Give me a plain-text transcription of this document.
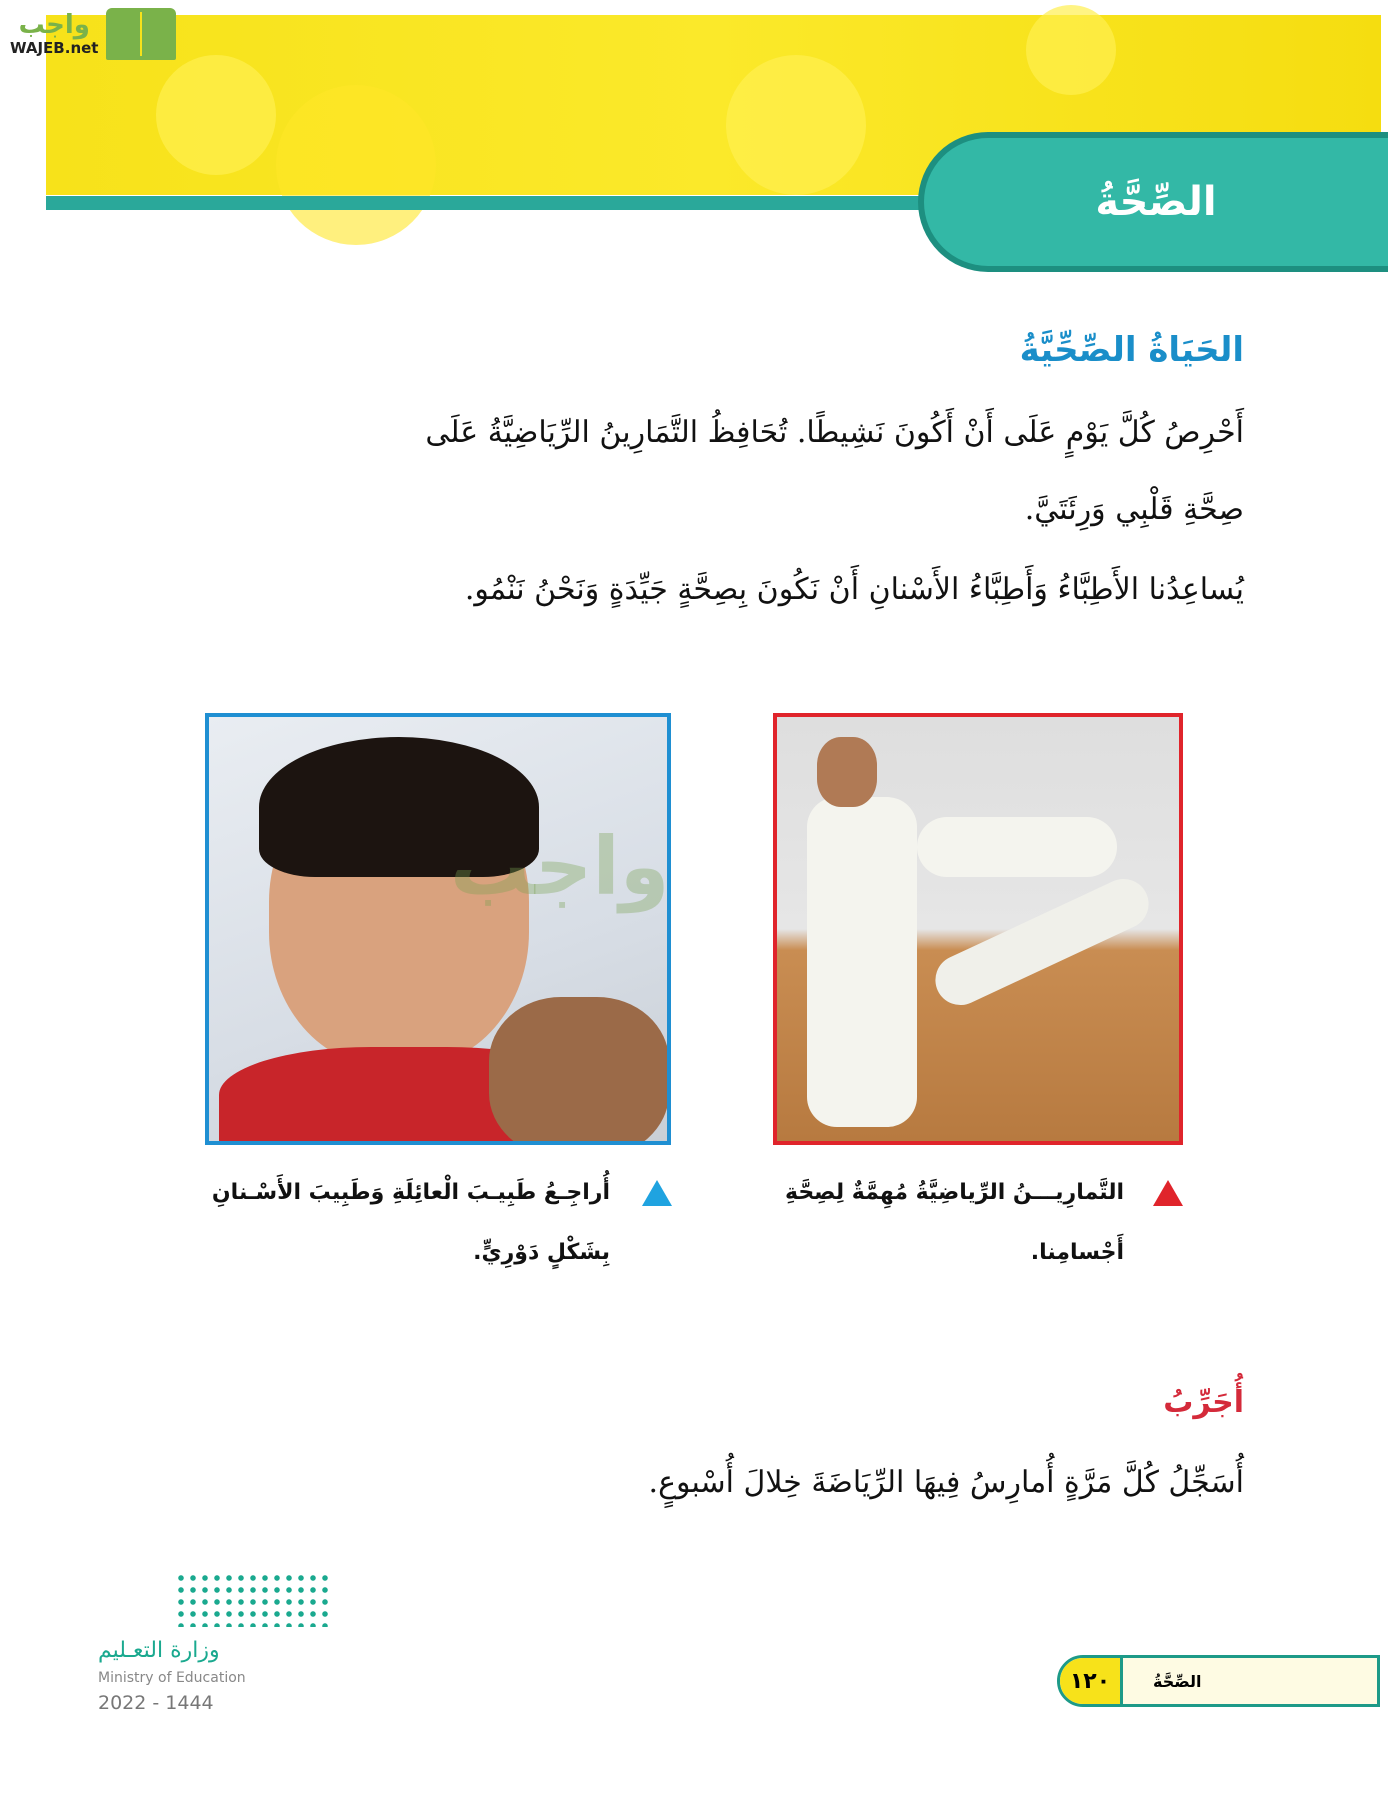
الصِّحَّةُ
واجب
WAJEB.net
الحَيَاةُ الصِّحِّيَّةُ
أَحْرِصُ كُلَّ يَوْمٍ عَلَى أَنْ أَكُونَ نَشِيطًا. تُحَافِظُ التَّمَارِينُ الرِّيَاضِيَّةُ عَلَى
صِحَّةِ قَلْبِي وَرِئَتَيَّ.
يُساعِدُنا الأَطِبَّاءُ وَأَطِبَّاءُ الأَسْنانِ أَنْ نَكُونَ بِصِحَّةٍ جَيِّدَةٍ وَنَحْنُ نَنْمُو.
واجب
التَّمارِيـــنُ الرِّياضِيَّةُ مُهِمَّةٌ لِصِحَّةِ
أَجْسامِنا.
أُراجِـعُ طَبِيـبَ الْعائِلَةِ وَطَبِيبَ الأَسْـنانِ
بِشَكْلٍ دَوْرِيٍّ.
أُجَرِّبُ
أُسَجِّلُ كُلَّ مَرَّةٍ أُمارِسُ فِيهَا الرِّيَاضَةَ خِلالَ أُسْبوعٍ.
وزارة التعـليم
Ministry of Education
2022 - 1444
١٢٠	الصِّحَّةُ
